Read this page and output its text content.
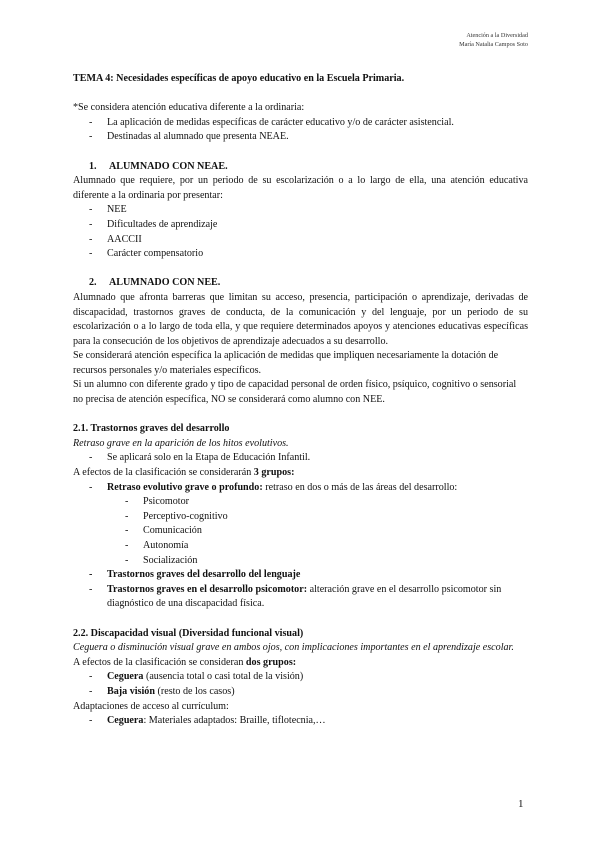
Atención a la Diversidad
María Natalia Campos Soto

TEMA 4: Necesidades específicas de apoyo educativo en la Escuela Primaria.

*Se considera atención educativa diferente a la ordinaria:

- La aplicación de medidas específicas de carácter educativo y/o de carácter asistencial.
- Destinadas al alumnado que presenta NEAE.

1. ALUMNADO CON NEAE.

Alumnado que requiere, por un periodo de su escolarización o a lo largo de ella, una atención educativa diferente a la ordinaria por presentar:

- NEE
- Dificultades de aprendizaje
- AACCII
- Carácter compensatorio

2. ALUMNADO CON NEE.

Alumnado que afronta barreras que limitan su acceso, presencia, participación o aprendizaje, derivadas de discapacidad, trastornos graves de conducta, de la comunicación y del lenguaje, por un periodo de su escolarización o a lo largo de toda ella, y que requiere determinados apoyos y atenciones educativas específicas para la consecución de los objetivos de aprendizaje adecuados a su desarrollo.

Se considerará atención específica la aplicación de medidas que impliquen necesariamente la dotación de recursos personales y/o materiales específicos.

Si un alumno con diferente grado y tipo de capacidad personal de orden físico, psíquico, cognitivo o sensorial no precisa de atención específica, NO se considerará como alumno con NEE.

2.1. Trastornos graves del desarrollo

Retraso grave en la aparición de los hitos evolutivos.

- Se aplicará solo en la Etapa de Educación Infantil.

A efectos de la clasificación se considerarán 3 grupos:

- Retraso evolutivo grave o profundo: retraso en dos o más de las áreas del desarrollo:
- Psicomotor
- Perceptivo-cognitivo
- Comunicación
- Autonomía
- Socialización
- Trastornos graves del desarrollo del lenguaje
- Trastornos graves en el desarrollo psicomotor: alteración grave en el desarrollo psicomotor sin diagnóstico de una discapacidad física.

2.2. Discapacidad visual (Diversidad funcional visual)

Ceguera o disminución visual grave en ambos ojos, con implicaciones importantes en el aprendizaje escolar.

A efectos de la clasificación se consideran dos grupos:

- Ceguera (ausencia total o casi total de la visión)
- Baja visión (resto de los casos)

Adaptaciones de acceso al currículum:

- Ceguera: Materiales adaptados: Braille, tiflotecnia,…
1
